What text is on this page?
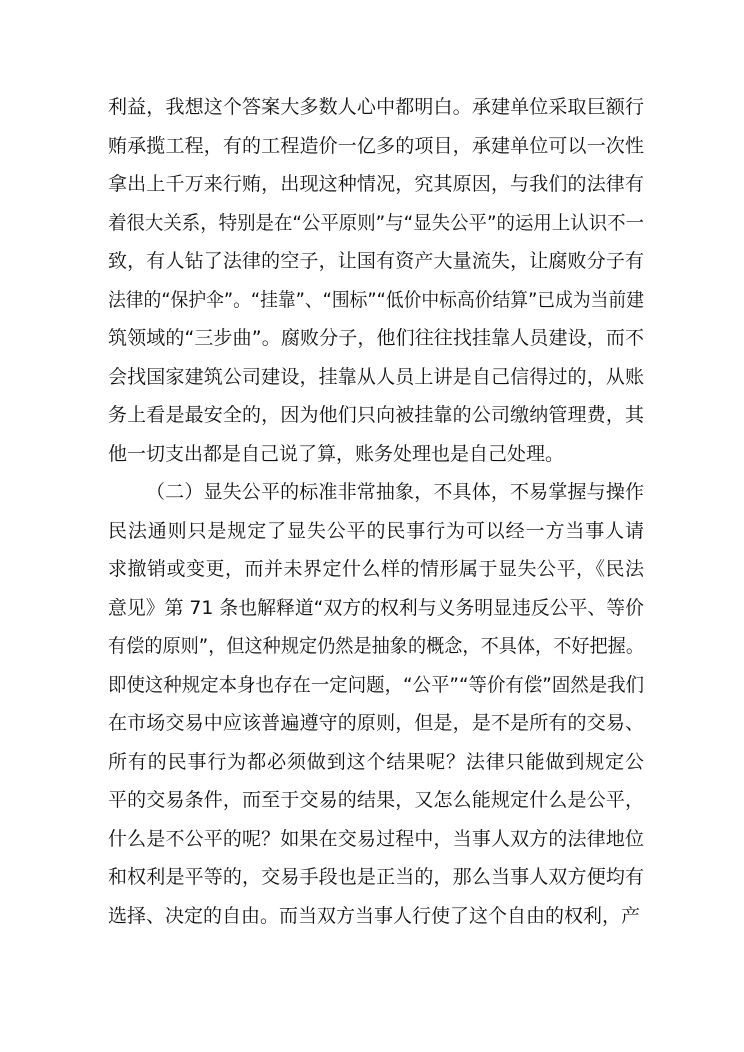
利益，我想这个答案大多数人心中都明白。承建单位采取巨额行
贿承揽工程，有的工程造价一亿多的项目，承建单位可以一次性
拿出上千万来行贿，出现这种情况，究其原因，与我们的法律有
着很大关系，特别是在“公平原则”与“显失公平”的运用上认识不一
致，有人钻了法律的空子，让国有资产大量流失，让腐败分子有
法律的“保护伞”。“挂靠”、“围标”“低价中标高价结算”已成为当前建
筑领域的“三步曲”。腐败分子，他们往往找挂靠人员建设，而不
会找国家建筑公司建设，挂靠从人员上讲是自己信得过的，从账
务上看是最安全的，因为他们只向被挂靠的公司缴纳管理费，其
他一切支出都是自己说了算，账务处理也是自己处理。
（二）显失公平的标准非常抽象，不具体，不易掌握与操作
民法通则只是规定了显失公平的民事行为可以经一方当事人请
求撤销或变更，而并未界定什么样的情形属于显失公平，《民法
意见》第 71 条也解释道“双方的权利与义务明显违反公平、等价
有偿的原则”，但这种规定仍然是抽象的概念，不具体，不好把握。
即使这种规定本身也存在一定问题，“公平”“等价有偿”固然是我们
在市场交易中应该普遍遵守的原则，但是，是不是所有的交易、
所有的民事行为都必须做到这个结果呢？法律只能做到规定公
平的交易条件，而至于交易的结果，又怎么能规定什么是公平，
什么是不公平的呢？如果在交易过程中，当事人双方的法律地位
和权利是平等的，交易手段也是正当的，那么当事人双方便均有
选择、决定的自由。而当双方当事人行使了这个自由的权利，产
